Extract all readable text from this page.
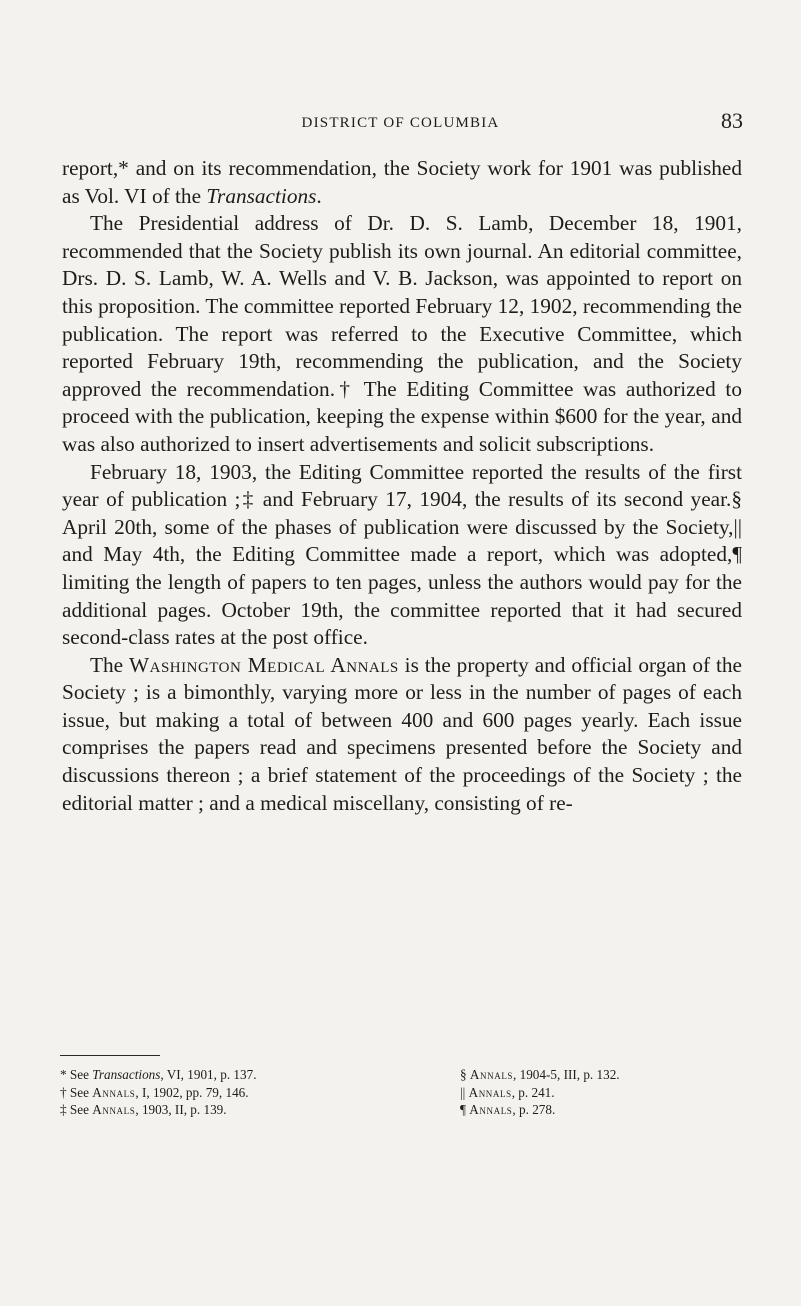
DISTRICT OF COLUMBIA	83

report,* and on its recommendation, the Society work for 1901 was published as Vol. VI of the Transactions.

The Presidential address of Dr. D. S. Lamb, December 18, 1901, recommended that the Society publish its own journal. An editorial committee, Drs. D. S. Lamb, W. A. Wells and V. B. Jackson, was appointed to report on this proposition. The committee reported February 12, 1902, recommending the publication. The report was referred to the Executive Committee, which reported February 19th, recommending the publication, and the Society approved the recommendation.† The Editing Committee was authorized to proceed with the publication, keeping the expense within $600 for the year, and was also authorized to insert advertisements and solicit subscriptions.

February 18, 1903, the Editing Committee reported the results of the first year of publication ;‡ and February 17, 1904, the results of its second year.§ April 20th, some of the phases of publication were discussed by the Society,|| and May 4th, the Editing Committee made a report, which was adopted,¶ limiting the length of papers to ten pages, unless the authors would pay for the additional pages. October 19th, the committee reported that it had secured second-class rates at the post office.

The Washington Medical Annals is the property and official organ of the Society ; is a bimonthly, varying more or less in the number of pages of each issue, but making a total of between 400 and 600 pages yearly. Each issue comprises the papers read and specimens presented before the Society and discussions thereon ; a brief statement of the proceedings of the Society ; the editorial matter ; and a medical miscellany, consisting of re-

* See Transactions, VI, 1901, p. 137.
† See Annals, I, 1902, pp. 79, 146.
‡ See Annals, 1903, II, p. 139.
§ Annals, 1904-5, III, p. 132.
|| Annals, p. 241.
¶ Annals, p. 278.
